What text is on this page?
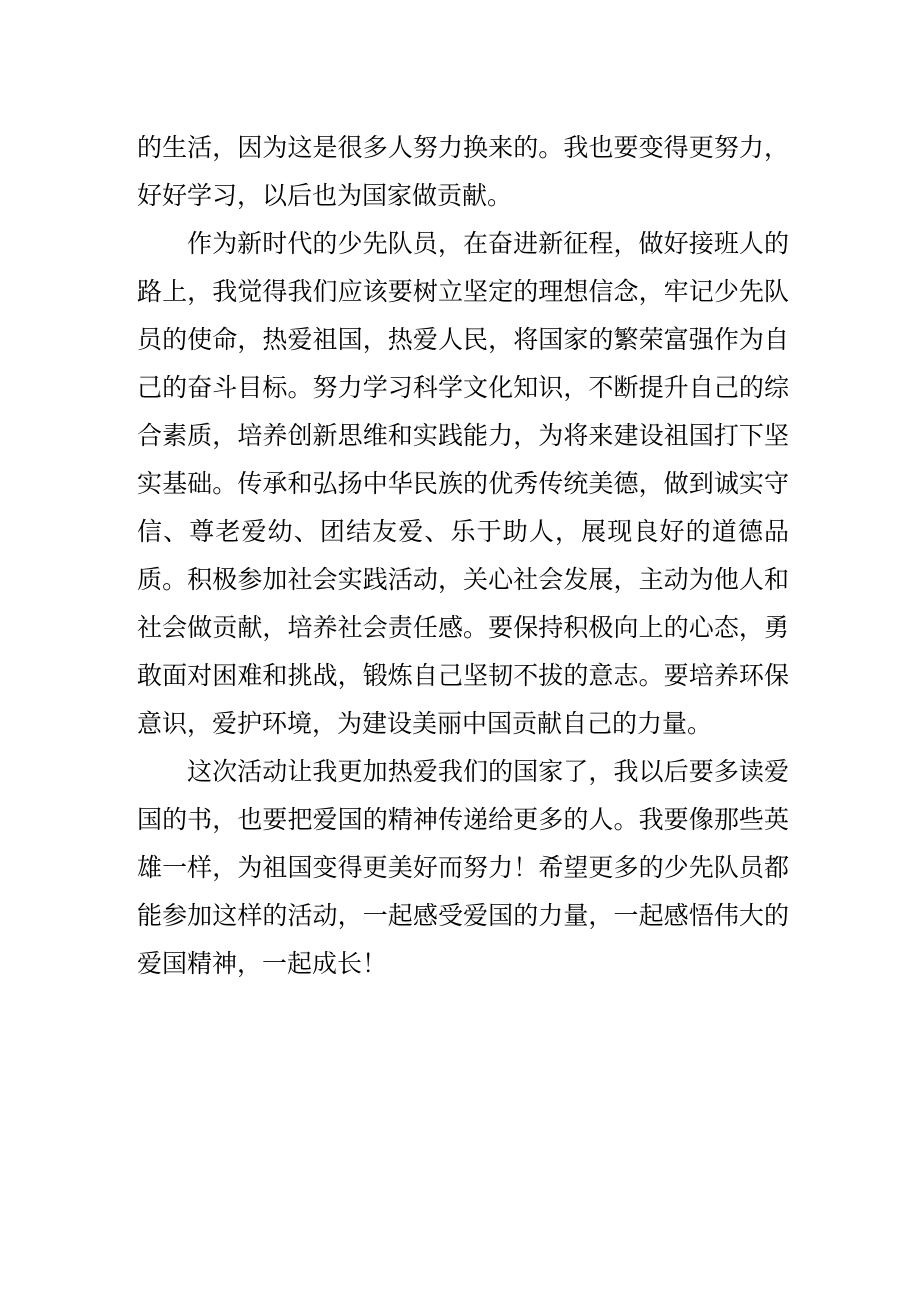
的生活，因为这是很多人努力换来的。我也要变得更努力，好好学习，以后也为国家做贡献。

作为新时代的少先队员，在奋进新征程，做好接班人的路上，我觉得我们应该要树立坚定的理想信念，牢记少先队员的使命，热爱祖国，热爱人民，将国家的繁荣富强作为自己的奋斗目标。努力学习科学文化知识，不断提升自己的综合素质，培养创新思维和实践能力，为将来建设祖国打下坚实基础。传承和弘扬中华民族的优秀传统美德，做到诚实守信、尊老爱幼、团结友爱、乐于助人，展现良好的道德品质。积极参加社会实践活动，关心社会发展，主动为他人和社会做贡献，培养社会责任感。要保持积极向上的心态，勇敢面对困难和挑战，锻炼自己坚韧不拔的意志。要培养环保意识，爱护环境，为建设美丽中国贡献自己的力量。

这次活动让我更加热爱我们的国家了，我以后要多读爱国的书，也要把爱国的精神传递给更多的人。我要像那些英雄一样，为祖国变得更美好而努力！希望更多的少先队员都能参加这样的活动，一起感受爱国的力量，一起感悟伟大的爱国精神，一起成长！
